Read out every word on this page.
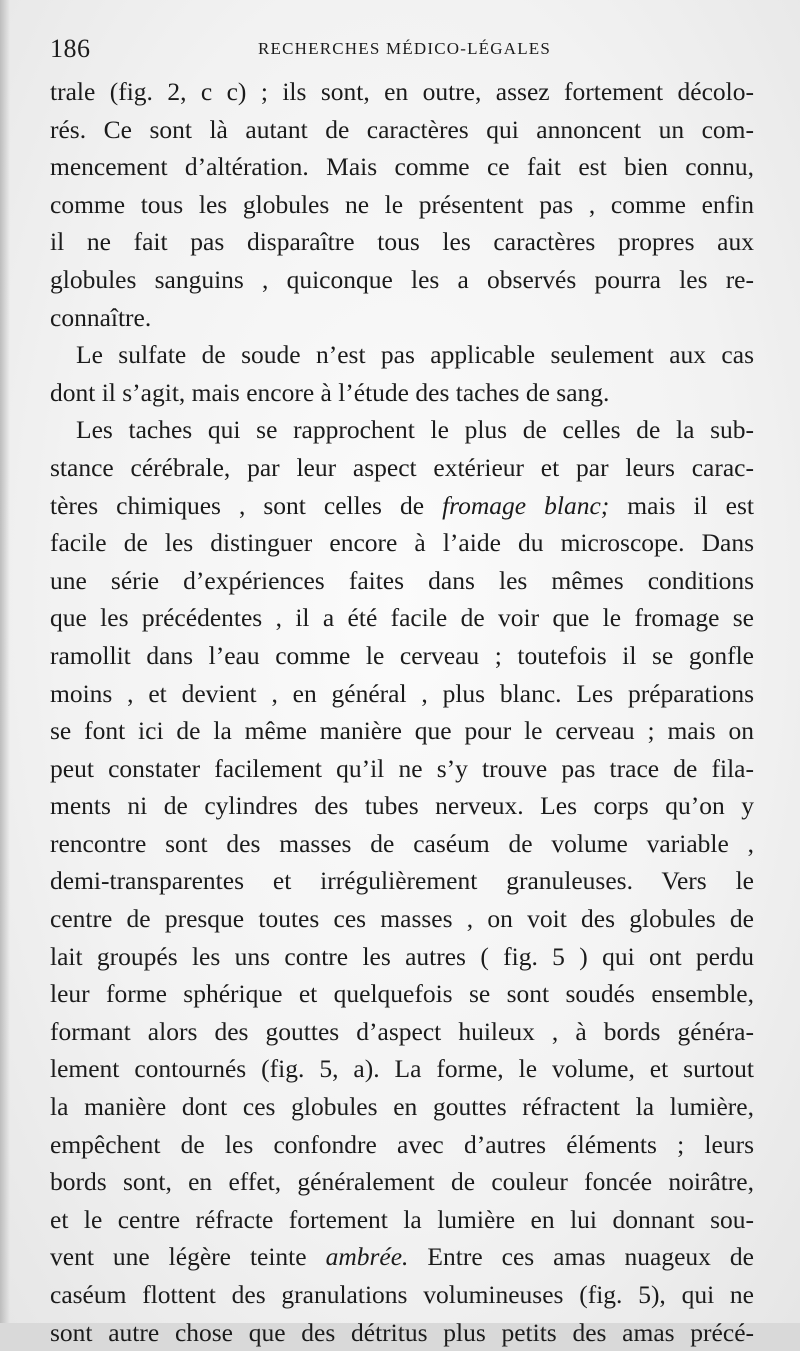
186	RECHERCHES MÉDICO-LÉGALES

trale (fig. 2, c c) ; ils sont, en outre, assez fortement décolo-
rés. Ce sont là autant de caractères qui annoncent un com-
mencement d’altération. Mais comme ce fait est bien connu,
comme tous les globules ne le présentent pas , comme enfin
il ne fait pas disparaître tous les caractères propres aux
globules sanguins , quiconque les a observés pourra les re-
connaître.

Le sulfate de soude n’est pas applicable seulement aux cas
dont il s’agit, mais encore à l’étude des taches de sang.

Les taches qui se rapprochent le plus de celles de la sub-
stance cérébrale, par leur aspect extérieur et par leurs carac-
tères chimiques , sont celles de fromage blanc; mais il est
facile de les distinguer encore à l’aide du microscope. Dans
une série d’expériences faites dans les mêmes conditions
que les précédentes , il a été facile de voir que le fromage se
ramollit dans l’eau comme le cerveau ; toutefois il se gonfle
moins , et devient , en général , plus blanc. Les préparations
se font ici de la même manière que pour le cerveau ; mais on
peut constater facilement qu’il ne s’y trouve pas trace de fila-
ments ni de cylindres des tubes nerveux. Les corps qu’on y
rencontre sont des masses de caséum de volume variable ,
demi-transparentes et irrégulièrement granuleuses. Vers le
centre de presque toutes ces masses , on voit des globules de
lait groupés les uns contre les autres ( fig. 5 ) qui ont perdu
leur forme sphérique et quelquefois se sont soudés ensemble,
formant alors des gouttes d’aspect huileux , à bords généra-
lement contournés (fig. 5, a). La forme, le volume, et surtout
la manière dont ces globules en gouttes réfractent la lumière,
empêchent de les confondre avec d’autres éléments ; leurs
bords sont, en effet, généralement de couleur foncée noirâtre,
et le centre réfracte fortement la lumière en lui donnant sou-
vent une légère teinte ambrée. Entre ces amas nuageux de
caséum flottent des granulations volumineuses (fig. 5), qui ne
sont autre chose que des détritus plus petits des amas précé-
